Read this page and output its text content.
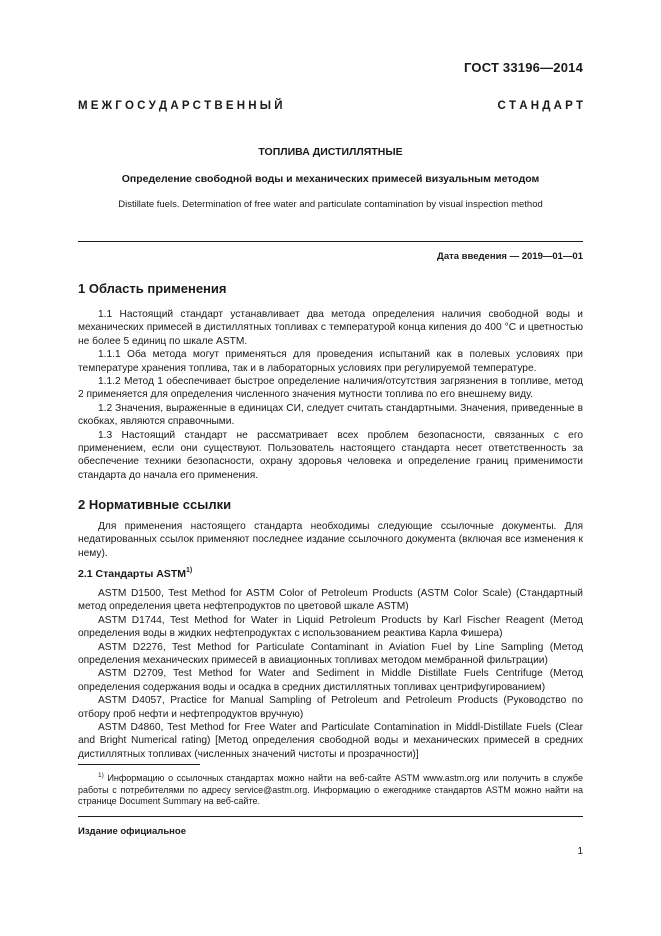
ГОСТ 33196—2014
М Е Ж Г О С У Д А Р С Т В Е Н Н Ы Й	С Т А Н Д А Р Т
ТОПЛИВА ДИСТИЛЛЯТНЫЕ
Определение свободной воды и механических примесей визуальным методом
Distillate fuels. Determination of free water and particulate contamination by visual inspection method
Дата введения — 2019—01—01
1 Область применения
1.1 Настоящий стандарт устанавливает два метода определения наличия свободной воды и механических примесей в дистиллятных топливах с температурой конца кипения до 400 °С и цветностью не более 5 единиц по шкале ASTM.
1.1.1 Оба метода могут применяться для проведения испытаний как в полевых условиях при температуре хранения топлива, так и в лабораторных условиях при регулируемой температуре.
1.1.2 Метод 1 обеспечивает быстрое определение наличия/отсутствия загрязнения в топливе, метод 2 применяется для определения численного значения мутности топлива по его внешнему виду.
1.2 Значения, выраженные в единицах СИ, следует считать стандартными. Значения, приведенные в скобках, являются справочными.
1.3 Настоящий стандарт не рассматривает всех проблем безопасности, связанных с его применением, если они существуют. Пользователь настоящего стандарта несет ответственность за обеспечение техники безопасности, охрану здоровья человека и определение границ применимости стандарта до начала его применения.
2 Нормативные ссылки
Для применения настоящего стандарта необходимы следующие ссылочные документы. Для недатированных ссылок применяют последнее издание ссылочного документа (включая все изменения к нему).
2.1 Стандарты ASTM$^{1)}$
ASTM D1500, Test Method for ASTM Color of Petroleum Products (ASTM Color Scale) (Стандартный метод определения цвета нефтепродуктов по цветовой шкале ASTM)
ASTM D1744, Test Method for Water in Liquid Petroleum Products by Karl Fischer Reagent (Метод определения воды в жидких нефтепродуктах с использованием реактива Карла Фишера)
ASTM D2276, Test Method for Particulate Contaminant in Aviation Fuel by Line Sampling (Метод определения механических примесей в авиационных топливах методом мембранной фильтрации)
ASTM D2709, Test Method for Water and Sediment in Middle Distillate Fuels Centrifuge (Метод определения содержания воды и осадка в средних дистиллятных топливах центрифугированием)
ASTM D4057, Practice for Manual Sampling of Petroleum and Petroleum Products (Руководство по отбору проб нефти и нефтепродуктов вручную)
ASTM D4860, Test Method for Free Water and Particulate Contamination in Middl-Distillate Fuels (Clear and Bright Numerical rating) [Метод определения свободной воды и механических примесей в средних дистиллятных топливах (численных значений чистоты и прозрачности)]
$^{1)}$ Информацию о ссылочных стандартах можно найти на веб-сайте ASTM www.astm.org или получить в службе работы с потребителями по адресу service@astm.org. Информацию о ежегоднике стандартов ASTM можно найти на странице Document Summary на веб-сайте.
Издание официальное
1
